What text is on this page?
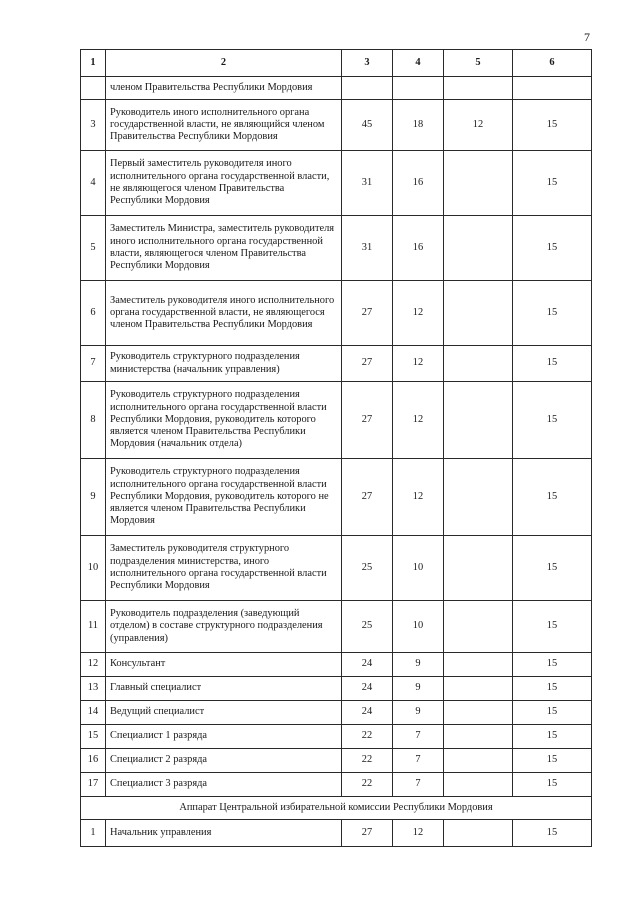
7
1	2	3	4	5	6
	членом Правительства Республики Мордовия				
3	Руководитель иного исполнительного органа государственной власти, не являющийся членом Правительства Республики Мордовия	45	18	12	15
4	Первый заместитель руководителя иного исполнительного органа государственной власти, не являющегося членом Правительства Республики Мордовия	31	16		15
5	Заместитель Министра, заместитель руководителя иного исполнительного органа государственной власти, являющегося членом Правительства Республики Мордовия	31	16		15
6	Заместитель руководителя иного исполнительного органа государственной власти, не являющегося членом Правительства Республики Мордовия	27	12		15
7	Руководитель структурного подразделения министерства (начальник управления)	27	12		15
8	Руководитель структурного подразделения исполнительного органа государственной власти Республики Мордовия, руководитель которого является членом Правительства Республики Мордовия (начальник отдела)	27	12		15
9	Руководитель структурного подразделения исполнительного органа государственной власти Республики Мордовия, руководитель которого не является членом Правительства Республики Мордовия	27	12		15
10	Заместитель руководителя структурного подразделения министерства, иного исполнительного органа государственной власти Республики Мордовия	25	10		15
11	Руководитель подразделения (заведующий отделом) в составе структурного подразделения (управления)	25	10		15
12	Консультант	24	9		15
13	Главный специалист	24	9		15
14	Ведущий специалист	24	9		15
15	Специалист 1 разряда	22	7		15
16	Специалист 2 разряда	22	7		15
17	Специалист 3 разряда	22	7		15
Аппарат Центральной избирательной комиссии Республики Мордовия					
1	Начальник управления	27	12		15
